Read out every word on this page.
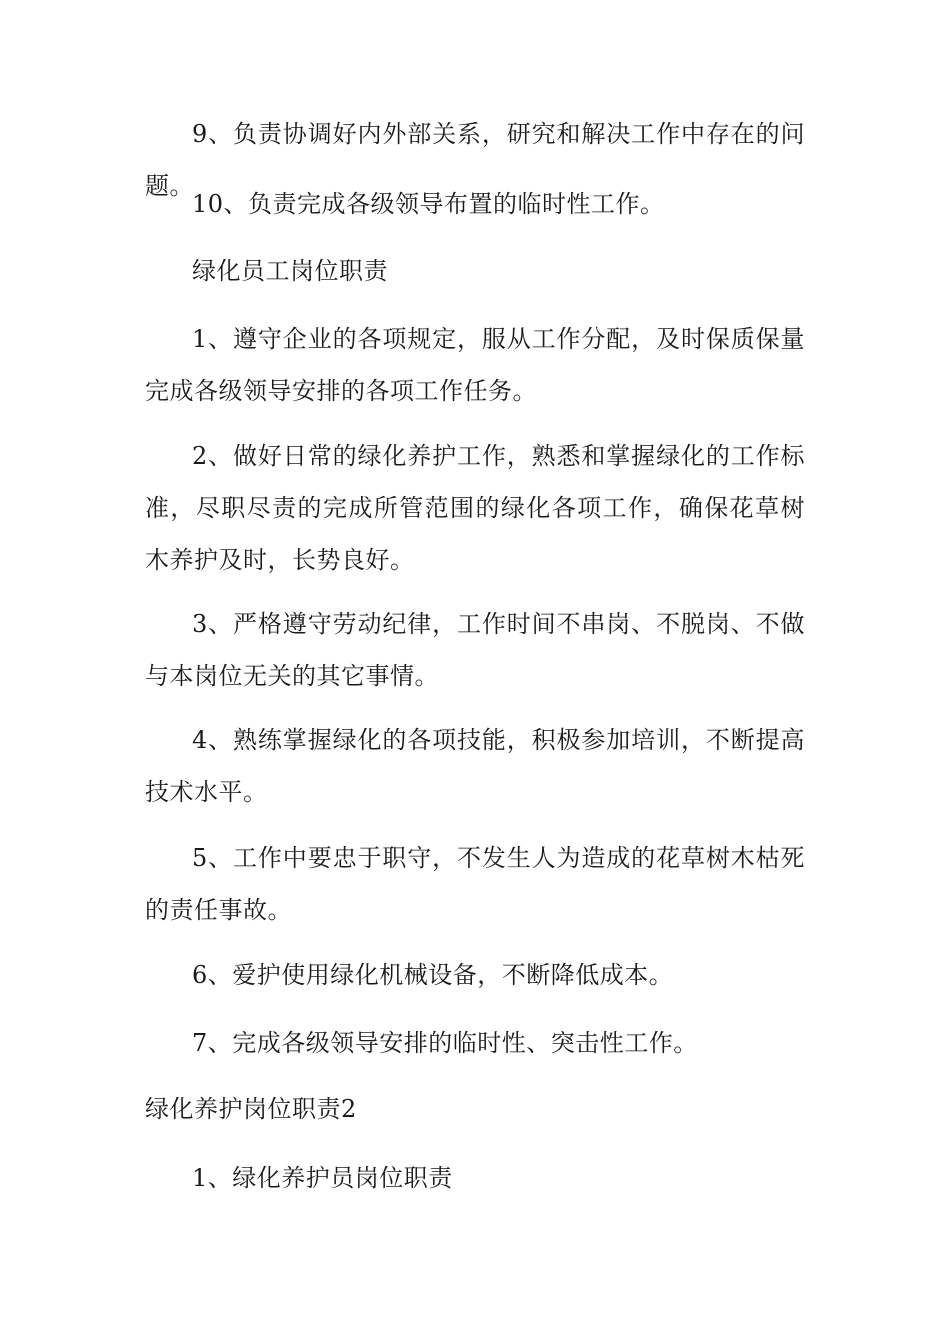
9、负责协调好内外部关系，研究和解决工作中存在的问题。

10、负责完成各级领导布置的临时性工作。

绿化员工岗位职责

1、遵守企业的各项规定，服从工作分配，及时保质保量完成各级领导安排的各项工作任务。

2、做好日常的绿化养护工作，熟悉和掌握绿化的工作标准，尽职尽责的完成所管范围的绿化各项工作，确保花草树木养护及时，长势良好。

3、严格遵守劳动纪律，工作时间不串岗、不脱岗、不做与本岗位无关的其它事情。

4、熟练掌握绿化的各项技能，积极参加培训，不断提高技术水平。

5、工作中要忠于职守，不发生人为造成的花草树木枯死的责任事故。

6、爱护使用绿化机械设备，不断降低成本。

7、完成各级领导安排的临时性、突击性工作。

绿化养护岗位职责2

1、绿化养护员岗位职责
